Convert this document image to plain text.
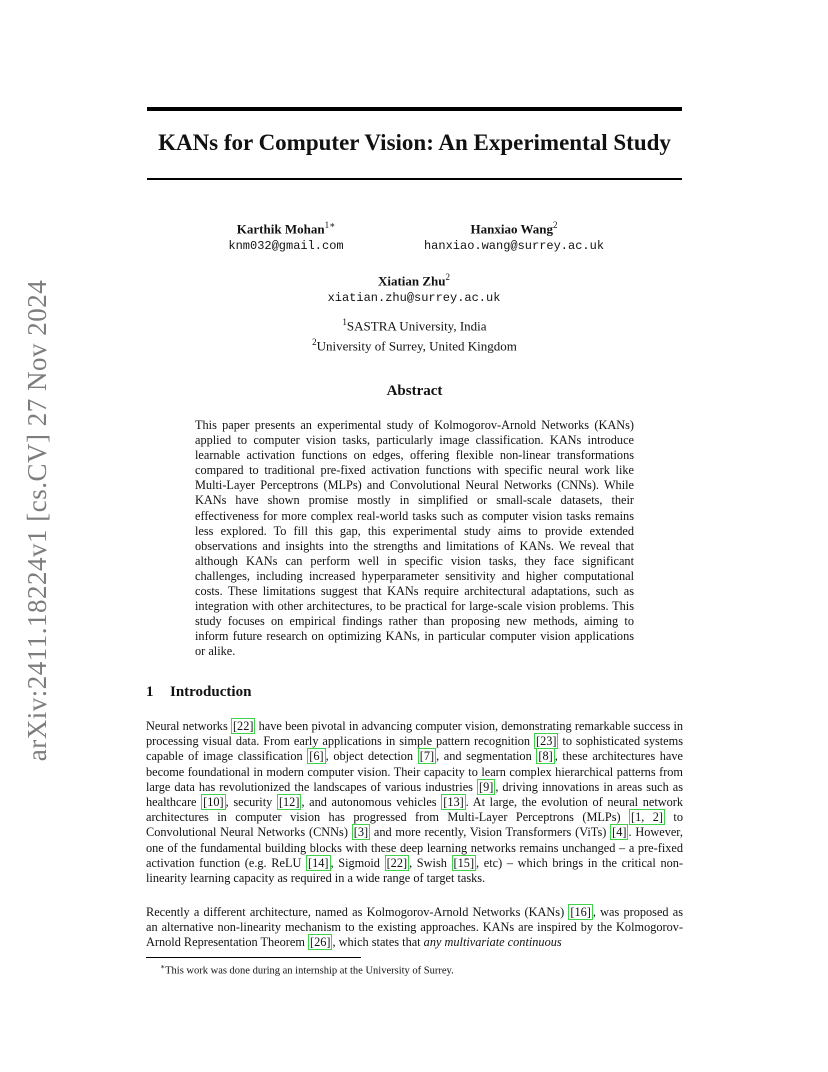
arXiv:2411.18224v1 [cs.CV] 27 Nov 2024
KANs for Computer Vision: An Experimental Study
Karthik Mohan$^{1∗}$
knm032@gmail.com
Hanxiao Wang$^2$
hanxiao.wang@surrey.ac.uk
Xiatian Zhu$^2$
xiatian.zhu@surrey.ac.uk
$^1$SASTRA University, India
$^2$University of Surrey, United Kingdom
Abstract

This paper presents an experimental study of Kolmogorov-Arnold Networks (KANs) applied to computer vision tasks, particularly image classification. KANs introduce learnable activation functions on edges, offering flexible non-linear transformations compared to traditional pre-fixed activation functions with specific neural work like Multi-Layer Perceptrons (MLPs) and Convolutional Neural Networks (CNNs). While KANs have shown promise mostly in simplified or small-scale datasets, their effectiveness for more complex real-world tasks such as computer vision tasks remains less explored. To fill this gap, this experimental study aims to provide extended observations and insights into the strengths and limitations of KANs. We reveal that although KANs can perform well in specific vision tasks, they face significant challenges, including increased hyperparameter sensitivity and higher computational costs. These limitations suggest that KANs require architectural adaptations, such as integration with other architectures, to be practical for large-scale vision problems. This study focuses on empirical findings rather than proposing new methods, aiming to inform future research on optimizing KANs, in particular computer vision applications or alike.

1 Introduction

Neural networks [22] have been pivotal in advancing computer vision, demonstrating remarkable success in processing visual data. From early applications in simple pattern recognition [23] to sophisticated systems capable of image classification [6] , object detection [7] , and segmentation [8] , these architectures have become foundational in modern computer vision. Their capacity to learn complex hierarchical patterns from large data has revolutionized the landscapes of various industries [9] , driving innovations in areas such as healthcare [10] , security [12] , and autonomous vehicles [13] . At large, the evolution of neural network architectures in computer vision has progressed from Multi-Layer Perceptrons (MLPs) [1, 2] to Convolutional Neural Networks (CNNs) [3] and more recently, Vision Transformers (ViTs) [4] . However, one of the fundamental building blocks with these deep learning networks remains unchanged – a pre-fixed activation function (e.g. ReLU [14] , Sigmoid [22] , Swish [15] , etc) – which brings in the critical non-linearity learning capacity as required in a wide range of target tasks.

Recently a different architecture, named as Kolmogorov-Arnold Networks (KANs) [16] , was proposed as an alternative non-linearity mechanism to the existing approaches. KANs are inspired by the Kolmogorov-Arnold Representation Theorem [26] , which states that any multivariate continuous

∗This work was done during an internship at the University of Surrey.
